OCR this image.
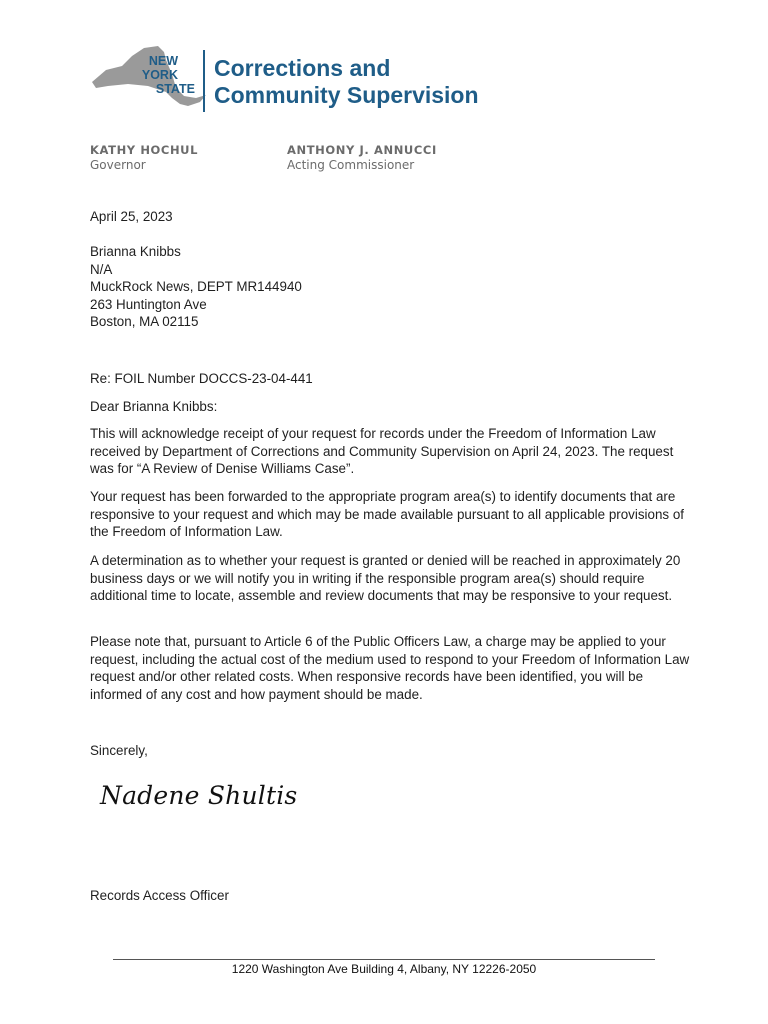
NEW
YORK
STATE
Corrections and
Community Supervision
KATHY HOCHUL
Governor
ANTHONY J. ANNUCCI
Acting Commissioner
April 25, 2023
Brianna Knibbs
N/A
MuckRock News, DEPT MR144940
263 Huntington Ave
Boston, MA 02115
Re: FOIL Number DOCCS-23-04-441
Dear Brianna Knibbs:
This will acknowledge receipt of your request for records under the Freedom of Information Law received by Department of Corrections and Community Supervision on April 24, 2023. The request was for “A Review of Denise Williams Case”.
Your request has been forwarded to the appropriate program area(s) to identify documents that are responsive to your request and which may be made available pursuant to all applicable provisions of the Freedom of Information Law.
A determination as to whether your request is granted or denied will be reached in approximately 20 business days or we will notify you in writing if the responsible program area(s) should require additional time to locate, assemble and review documents that may be responsive to your request.
Please note that, pursuant to Article 6 of the Public Officers Law, a charge may be applied to your request, including the actual cost of the medium used to respond to your Freedom of Information Law request and/or other related costs. When responsive records have been identified, you will be informed of any cost and how payment should be made.
Sincerely,
Nadene Shultis
Records Access Officer
1220 Washington Ave Building 4, Albany, NY 12226-2050
